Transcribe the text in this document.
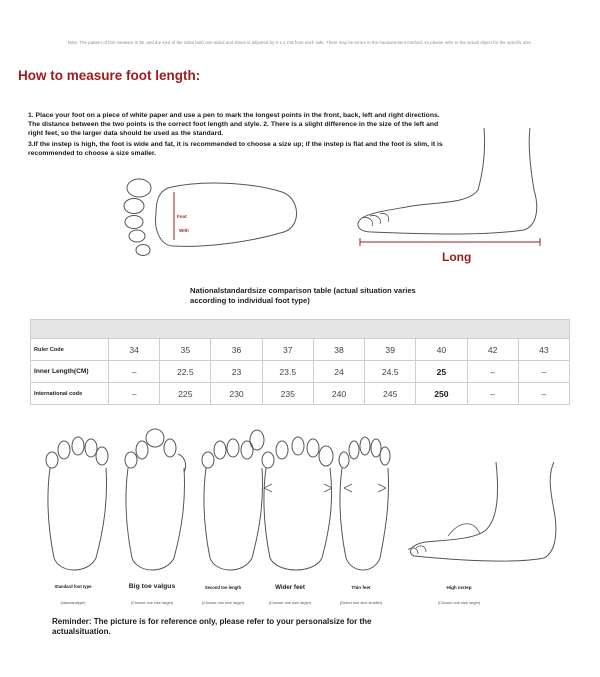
Note: The pattern of this measure is 36, and the size of the sides both one-sided and shoes is adjusted by 0.1-1 CM from each side. There may be errors in the measurement method, so please refer to the actual object for the specific size.
How to measure foot length:

1. Place your foot on a piece of white paper and use a pen to mark the longest points in the front, back, left and right directions. The distance between the two points is the correct foot length and style. 2. There is a slight difference in the size of the left and right feet, so the larger data should be used as the standard.

3.If the instep is high, the foot is wide and fat, it is recommended to choose a size up; if the instep is flat and the foot is slim, it is recommended to choose a size smaller.

Foot
With
Long
Nationalstandardsize comparison table (actual situation varies according to individual foot type)

Ruler Code	34	35	36	37	38	39	40	42	43
Inner Length(CM)	–	22.5	23	23.5	24	24.5	25	–	–
International code	–	225	230	235	240	245	250	–	–
Standard foot type
(standardtype)
Big toe valgus
(Choose one size larger)
Second toe length
(Choose one size larger)
Wider feet
(Choose one size larger)
Thin feet
(Select one size smaller)
High instep
(Choose one size larger)
Reminder: The picture is for reference only, please refer to your personalsize for the actualsituation.
